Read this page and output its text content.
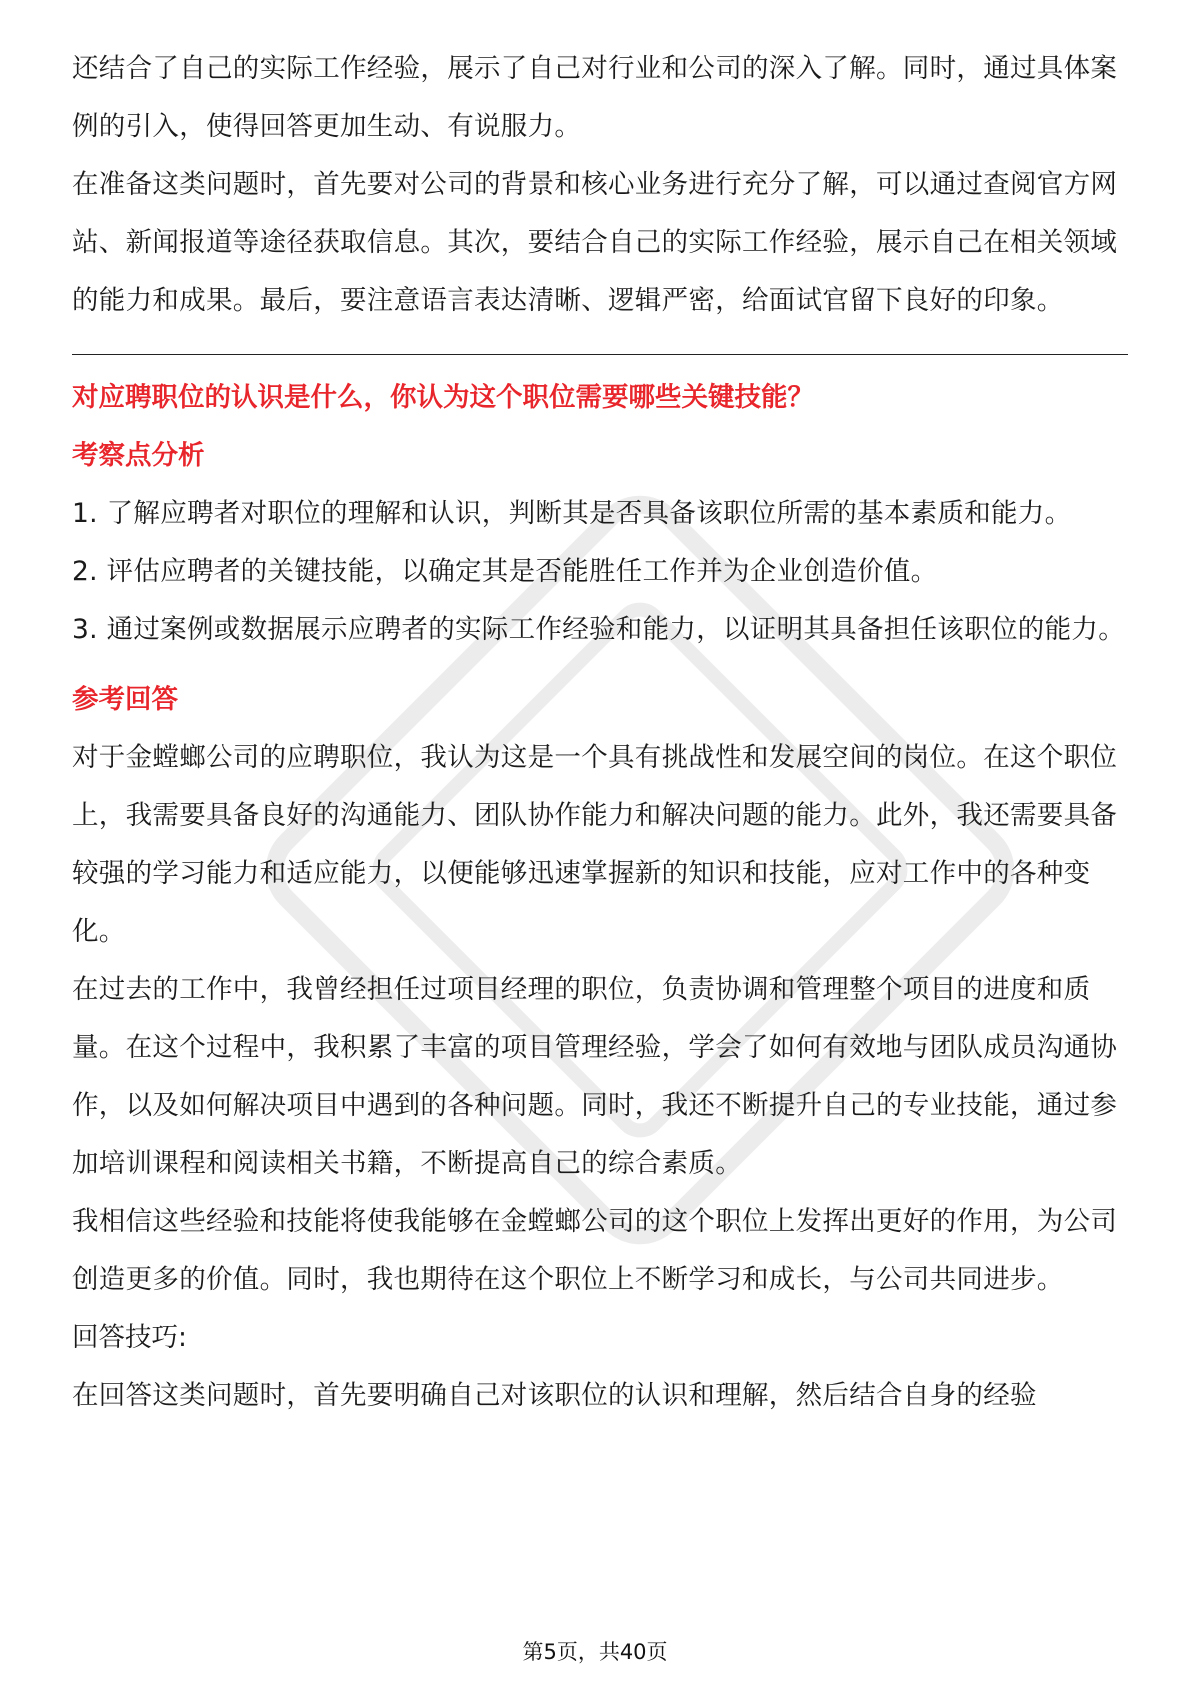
还结合了自己的实际工作经验，展示了自己对行业和公司的深入了解。同时，通过具体案例的引入，使得回答更加生动、有说服力。

在准备这类问题时，首先要对公司的背景和核心业务进行充分了解，可以通过查阅官方网站、新闻报道等途径获取信息。其次，要结合自己的实际工作经验，展示自己在相关领域的能力和成果。最后，要注意语言表达清晰、逻辑严密，给面试官留下良好的印象。

对应聘职位的认识是什么，你认为这个职位需要哪些关键技能？

考察点分析

1. 了解应聘者对职位的理解和认识，判断其是否具备该职位所需的基本素质和能力。

2. 评估应聘者的关键技能，以确定其是否能胜任工作并为企业创造价值。

3. 通过案例或数据展示应聘者的实际工作经验和能力，以证明其具备担任该职位的能力。

参考回答

对于金螳螂公司的应聘职位，我认为这是一个具有挑战性和发展空间的岗位。在这个职位上，我需要具备良好的沟通能力、团队协作能力和解决问题的能力。此外，我还需要具备较强的学习能力和适应能力，以便能够迅速掌握新的知识和技能，应对工作中的各种变化。

在过去的工作中，我曾经担任过项目经理的职位，负责协调和管理整个项目的进度和质量。在这个过程中，我积累了丰富的项目管理经验，学会了如何有效地与团队成员沟通协作，以及如何解决项目中遇到的各种问题。同时，我还不断提升自己的专业技能，通过参加培训课程和阅读相关书籍，不断提高自己的综合素质。

我相信这些经验和技能将使我能够在金螳螂公司的这个职位上发挥出更好的作用，为公司创造更多的价值。同时，我也期待在这个职位上不断学习和成长，与公司共同进步。

回答技巧:

在回答这类问题时，首先要明确自己对该职位的认识和理解，然后结合自身的经验

第5页，共40页
